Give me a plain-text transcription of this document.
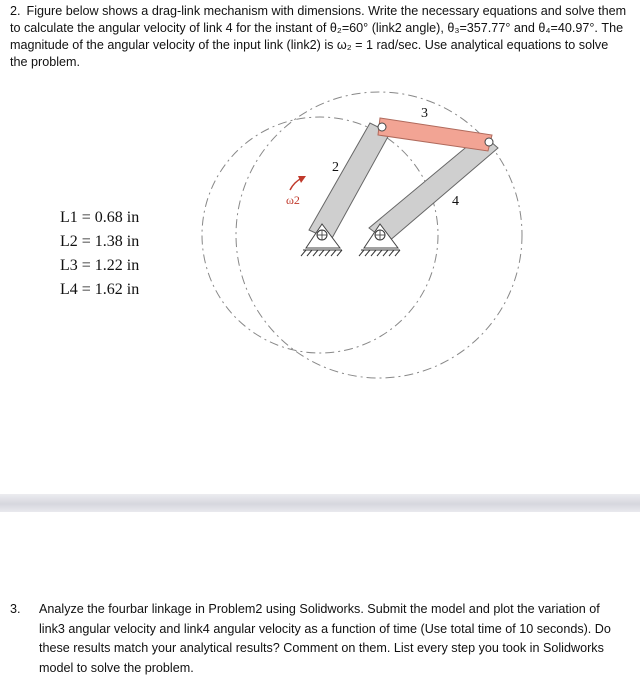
2. Figure below shows a drag-link mechanism with dimensions. Write the necessary equations and solve them to calculate the angular velocity of link 4 for the instant of θ₂=60° (link2 angle), θ₃=357.77° and θ₄=40.97°. The magnitude of the angular velocity of the input link (link2) is ω₂ = 1 rad/sec. Use analytical equations to solve the problem.
2
3
4
ω2
L1 = 0.68 in
L2 = 1.38 in
L3 = 1.22 in
L4 = 1.62 in
3. Analyze the fourbar linkage in Problem2 using Solidworks. Submit the model and plot the variation of link3 angular velocity and link4 angular velocity as a function of time (Use total time of 10 seconds). Do these results match your analytical results? Comment on them. List every step you took in Solidworks model to solve the problem.
